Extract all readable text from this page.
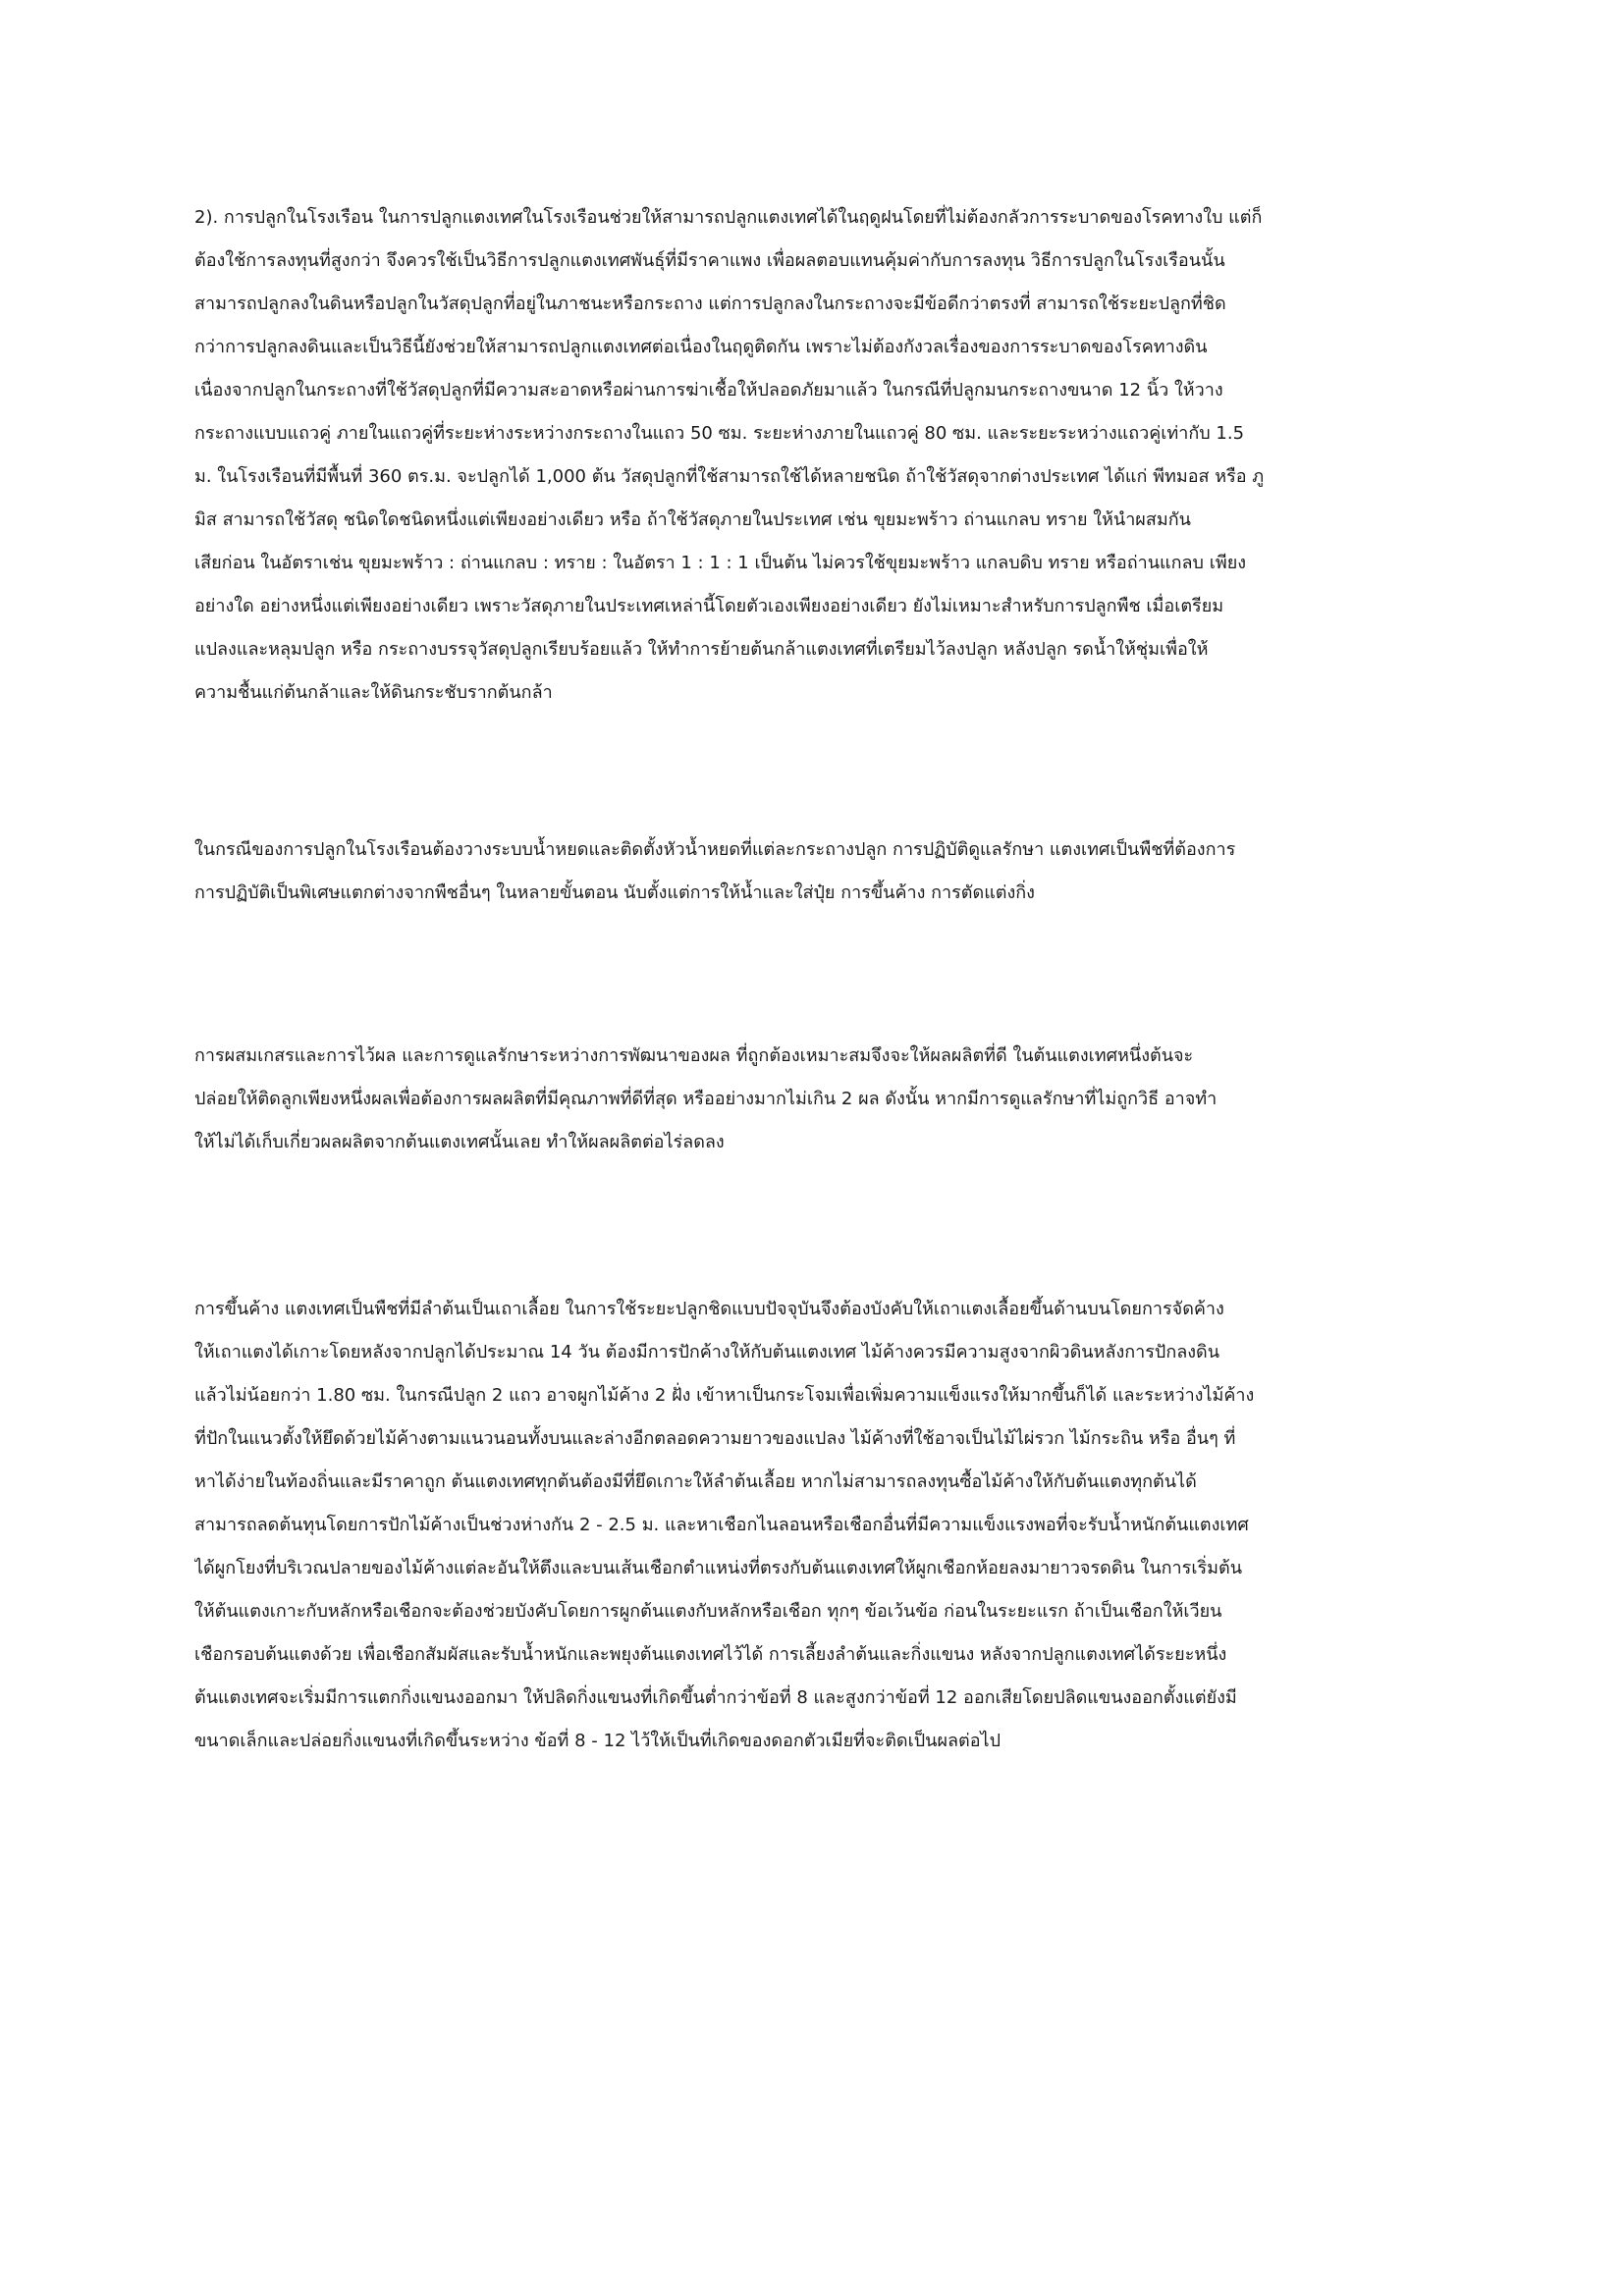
2). การปลูกในโรงเรือน ในการปลูกแตงเทศในโรงเรือนช่วยให้สามารถปลูกแตงเทศได้ในฤดูฝนโดยที่ไม่ต้องกลัวการระบาดของโรคทางใบ แต่ก็
ต้องใช้การลงทุนที่สูงกว่า จึงควรใช้เป็นวิธีการปลูกแตงเทศพันธุ์ที่มีราคาแพง เพื่อผลตอบแทนคุ้มค่ากับการลงทุน วิธีการปลูกในโรงเรือนนั้น
สามารถปลูกลงในดินหรือปลูกในวัสดุปลูกที่อยู่ในภาชนะหรือกระถาง แต่การปลูกลงในกระถางจะมีข้อดีกว่าตรงที่ สามารถใช้ระยะปลูกที่ชิด
กว่าการปลูกลงดินและเป็นวิธีนี้ยังช่วยให้สามารถปลูกแตงเทศต่อเนื่องในฤดูติดกัน เพราะไม่ต้องกังวลเรื่องของการระบาดของโรคทางดิน
เนื่องจากปลูกในกระถางที่ใช้วัสดุปลูกที่มีความสะอาดหรือผ่านการฆ่าเชื้อให้ปลอดภัยมาแล้ว ในกรณีที่ปลูกมนกระถางขนาด 12 นิ้ว ให้วาง
กระถางแบบแถวคู่ ภายในแถวคู่ที่ระยะห่างระหว่างกระถางในแถว 50 ซม. ระยะห่างภายในแถวคู่ 80 ซม. และระยะระหว่างแถวคู่เท่ากับ 1.5
ม. ในโรงเรือนที่มีพื้นที่ 360 ตร.ม. จะปลูกได้ 1,000 ต้น วัสดุปลูกที่ใช้สามารถใช้ได้หลายชนิด ถ้าใช้วัสดุจากต่างประเทศ ได้แก่ พีทมอส หรือ ภู
มิส สามารถใช้วัสดุ ชนิดใดชนิดหนึ่งแต่เพียงอย่างเดียว หรือ ถ้าใช้วัสดุภายในประเทศ เช่น ขุยมะพร้าว ถ่านแกลบ ทราย ให้นำผสมกัน
เสียก่อน ในอัตราเช่น ขุยมะพร้าว : ถ่านแกลบ : ทราย : ในอัตรา 1 : 1 : 1 เป็นต้น ไม่ควรใช้ขุยมะพร้าว แกลบดิบ ทราย หรือถ่านแกลบ เพียง
อย่างใด อย่างหนึ่งแต่เพียงอย่างเดียว เพราะวัสดุภายในประเทศเหล่านี้โดยตัวเองเพียงอย่างเดียว ยังไม่เหมาะสำหรับการปลูกพืช เมื่อเตรียม
แปลงและหลุมปลูก หรือ กระถางบรรจุวัสดุปลูกเรียบร้อยแล้ว ให้ทำการย้ายต้นกล้าแตงเทศที่เตรียมไว้ลงปลูก หลังปลูก รดน้ำให้ชุ่มเพื่อให้
ความชื้นแก่ต้นกล้าและให้ดินกระชับรากต้นกล้า
ในกรณีของการปลูกในโรงเรือนต้องวางระบบน้ำหยดและติดตั้งหัวน้ำหยดที่แต่ละกระถางปลูก การปฏิบัติดูแลรักษา แตงเทศเป็นพืชที่ต้องการ
การปฏิบัติเป็นพิเศษแตกต่างจากพืชอื่นๆ ในหลายขั้นตอน นับตั้งแต่การให้น้ำและใส่ปุ๋ย การขึ้นค้าง การตัดแต่งกิ่ง
การผสมเกสรและการไว้ผล และการดูแลรักษาระหว่างการพัฒนาของผล ที่ถูกต้องเหมาะสมจึงจะให้ผลผลิตที่ดี ในต้นแตงเทศหนึ่งต้นจะ
ปล่อยให้ติดลูกเพียงหนึ่งผลเพื่อต้องการผลผลิตที่มีคุณภาพที่ดีที่สุด หรืออย่างมากไม่เกิน 2 ผล ดังนั้น หากมีการดูแลรักษาที่ไม่ถูกวิธี อาจทำ
ให้ไม่ได้เก็บเกี่ยวผลผลิตจากต้นแตงเทศนั้นเลย ทำให้ผลผลิตต่อไร่ลดลง
การขึ้นค้าง แตงเทศเป็นพืชที่มีลำต้นเป็นเถาเลื้อย ในการใช้ระยะปลูกชิดแบบปัจจุบันจึงต้องบังคับให้เถาแตงเลื้อยขึ้นด้านบนโดยการจัดค้าง
ให้เถาแตงได้เกาะโดยหลังจากปลูกได้ประมาณ 14 วัน ต้องมีการปักค้างให้กับต้นแตงเทศ ไม้ค้างควรมีความสูงจากผิวดินหลังการปักลงดิน
แล้วไม่น้อยกว่า 1.80 ซม. ในกรณีปลูก 2 แถว อาจผูกไม้ค้าง 2 ฝั่ง เข้าหาเป็นกระโจมเพื่อเพิ่มความแข็งแรงให้มากขึ้นก็ได้ และระหว่างไม้ค้าง
ที่ปักในแนวตั้งให้ยึดด้วยไม้ค้างตามแนวนอนทั้งบนและล่างอีกตลอดความยาวของแปลง ไม้ค้างที่ใช้อาจเป็นไม้ไผ่รวก ไม้กระถิน หรือ อื่นๆ ที่
หาได้ง่ายในท้องถิ่นและมีราคาถูก ต้นแตงเทศทุกต้นต้องมีที่ยึดเกาะให้ลำต้นเลื้อย หากไม่สามารถลงทุนซื้อไม้ค้างให้กับต้นแตงทุกต้นได้
สามารถลดต้นทุนโดยการปักไม้ค้างเป็นช่วงห่างกัน 2 - 2.5 ม. และหาเชือกไนลอนหรือเชือกอื่นที่มีความแข็งแรงพอที่จะรับน้ำหนักต้นแตงเทศ
ได้ผูกโยงที่บริเวณปลายของไม้ค้างแต่ละอันให้ตึงและบนเส้นเชือกตำแหน่งที่ตรงกับต้นแตงเทศให้ผูกเชือกห้อยลงมายาวจรดดิน ในการเริ่มต้น
ให้ต้นแตงเกาะกับหลักหรือเชือกจะต้องช่วยบังคับโดยการผูกต้นแตงกับหลักหรือเชือก ทุกๆ ข้อเว้นข้อ ก่อนในระยะแรก ถ้าเป็นเชือกให้เวียน
เชือกรอบต้นแตงด้วย เพื่อเชือกสัมผัสและรับน้ำหนักและพยุงต้นแตงเทศไว้ได้ การเลี้ยงลำต้นและกิ่งแขนง หลังจากปลูกแตงเทศได้ระยะหนึ่ง
ต้นแตงเทศจะเริ่มมีการแตกกิ่งแขนงออกมา ให้ปลิดกิ่งแขนงที่เกิดขึ้นต่ำกว่าข้อที่ 8 และสูงกว่าข้อที่ 12 ออกเสียโดยปลิดแขนงออกตั้งแต่ยังมี
ขนาดเล็กและปล่อยกิ่งแขนงที่เกิดขึ้นระหว่าง ข้อที่ 8 - 12 ไว้ให้เป็นที่เกิดของดอกตัวเมียที่จะติดเป็นผลต่อไป
